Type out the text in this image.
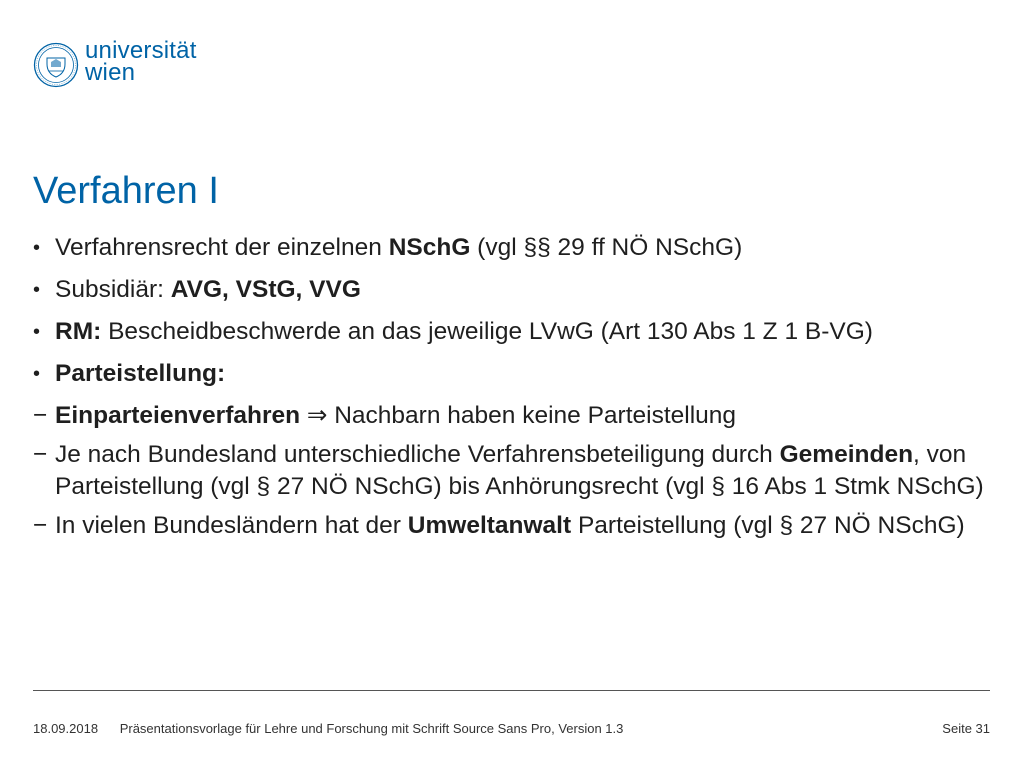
universität
wien
Verfahren I
• Verfahrensrecht der einzelnen NSchG (vgl §§ 29 ff NÖ NSchG)
• Subsidiär: AVG, VStG, VVG
• RM: Bescheidbeschwerde an das jeweilige LVwG (Art 130 Abs 1 Z 1 B-VG)
• Parteistellung:
− Einparteienverfahren ⇒ Nachbarn haben keine Parteistellung
− Je nach Bundesland unterschiedliche Verfahrensbeteiligung durch Gemeinden, von Parteistellung (vgl § 27 NÖ NSchG) bis Anhörungsrecht (vgl § 16 Abs 1 Stmk NSchG)
− In vielen Bundesländern hat der Umweltanwalt Parteistellung (vgl § 27 NÖ NSchG)
18.09.2018 Präsentationsvorlage für Lehre und Forschung mit Schrift Source Sans Pro, Version 1.3	Seite 31
